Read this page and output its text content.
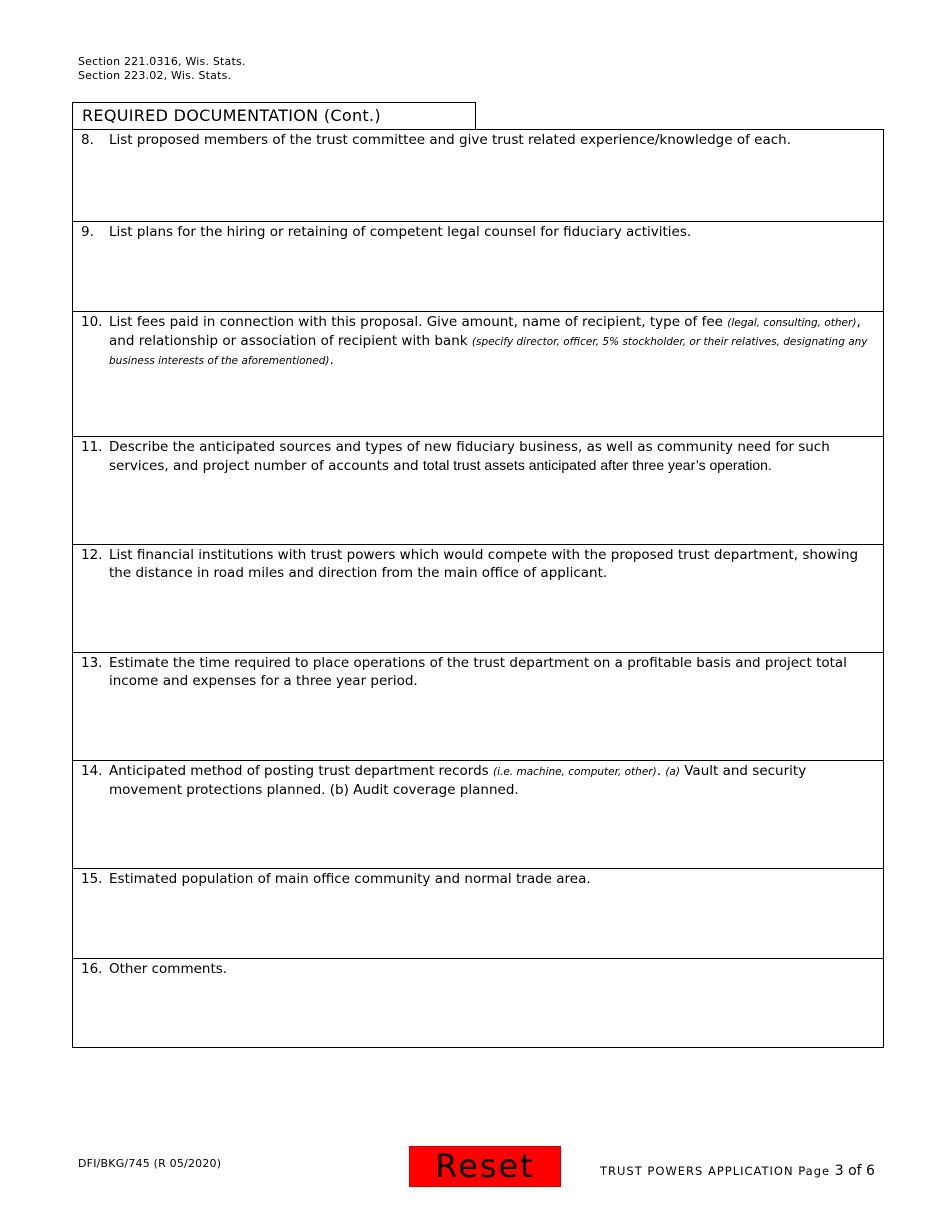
Section 221.0316, Wis. Stats.
Section 223.02, Wis. Stats.
REQUIRED DOCUMENTATION (Cont.)
8.	List proposed members of the trust committee and give trust related experience/knowledge of each.
9.	List plans for the hiring or retaining of competent legal counsel for fiduciary activities.
10. List fees paid in connection with this proposal. Give amount, name of recipient, type of fee (legal, consulting, other), and relationship or association of recipient with bank (specify director, officer, 5% stockholder, or their relatives, designating any business interests of the aforementioned).
11. Describe the anticipated sources and types of new fiduciary business, as well as community need for such services, and project number of accounts and total trust assets anticipated after three year’s operation.
12. List financial institutions with trust powers which would compete with the proposed trust department, showing the distance in road miles and direction from the main office of applicant.
13. Estimate the time required to place operations of the trust department on a profitable basis and project total income and expenses for a three year period.
14. Anticipated method of posting trust department records (i.e. machine, computer, other). (a) Vault and security movement protections planned. (b) Audit coverage planned.
15. Estimated population of main office community and normal trade area.
16. Other comments.
DFI/BKG/745 (R 05/2020)	Reset	TRUST POWERS APPLICATION Page 3 of 6
